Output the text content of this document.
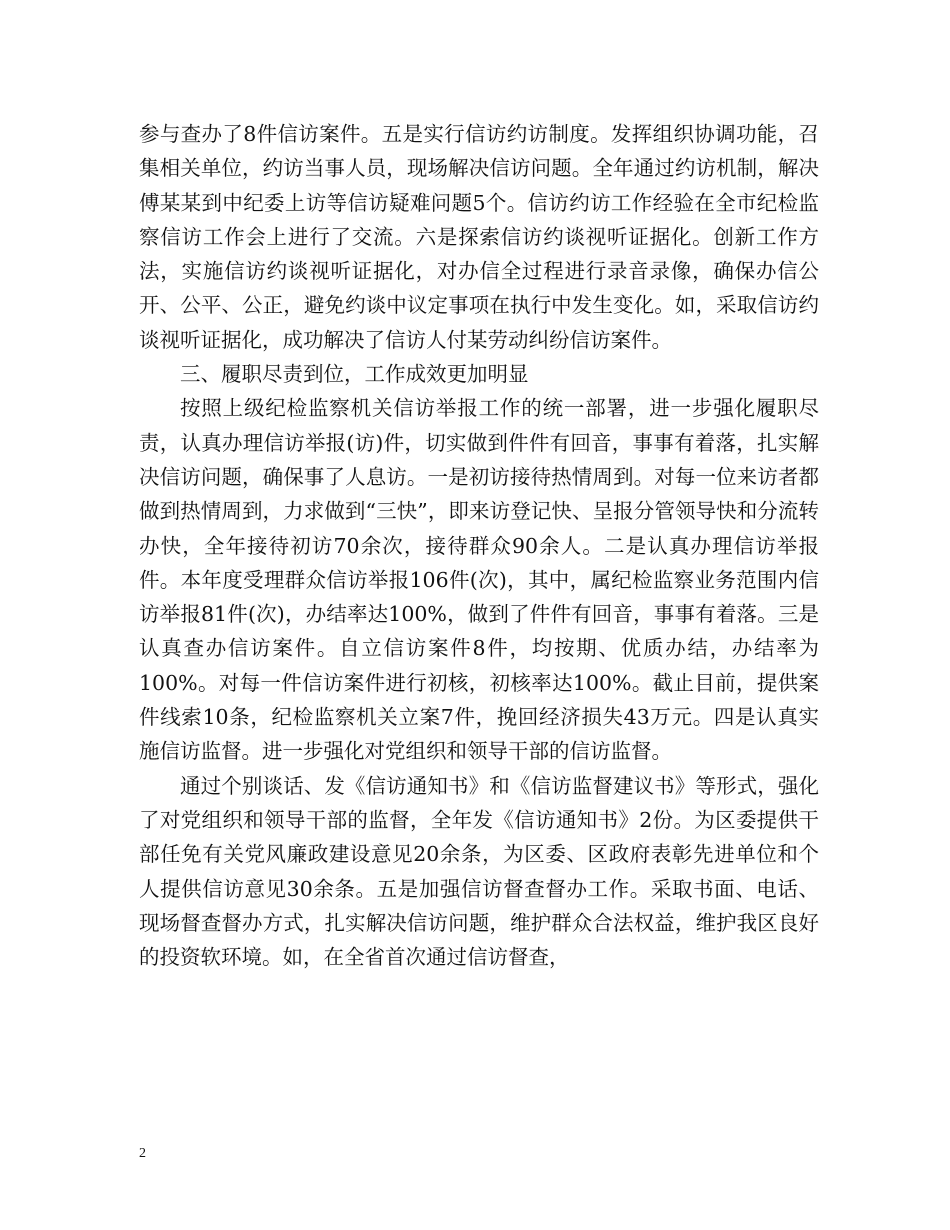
参与查办了8件信访案件。五是实行信访约访制度。发挥组织协调功能，召集相关单位，约访当事人员，现场解决信访问题。全年通过约访机制，解决傅某某到中纪委上访等信访疑难问题5个。信访约访工作经验在全市纪检监察信访工作会上进行了交流。六是探索信访约谈视听证据化。创新工作方法，实施信访约谈视听证据化，对办信全过程进行录音录像，确保办信公开、公平、公正，避免约谈中议定事项在执行中发生变化。如，采取信访约谈视听证据化，成功解决了信访人付某劳动纠纷信访案件。

三、履职尽责到位，工作成效更加明显

按照上级纪检监察机关信访举报工作的统一部署，进一步强化履职尽责，认真办理信访举报(访)件，切实做到件件有回音，事事有着落，扎实解决信访问题，确保事了人息访。一是初访接待热情周到。对每一位来访者都做到热情周到，力求做到“三快”，即来访登记快、呈报分管领导快和分流转办快，全年接待初访70余次，接待群众90余人。二是认真办理信访举报件。本年度受理群众信访举报106件(次)，其中，属纪检监察业务范围内信访举报81件(次)，办结率达100%，做到了件件有回音，事事有着落。三是认真查办信访案件。自立信访案件8件，均按期、优质办结，办结率为100%。对每一件信访案件进行初核，初核率达100%。截止目前，提供案件线索10条，纪检监察机关立案7件，挽回经济损失43万元。四是认真实施信访监督。进一步强化对党组织和领导干部的信访监督。

通过个别谈话、发《信访通知书》和《信访监督建议书》等形式，强化了对党组织和领导干部的监督，全年发《信访通知书》2份。为区委提供干部任免有关党风廉政建设意见20余条，为区委、区政府表彰先进单位和个人提供信访意见30余条。五是加强信访督查督办工作。采取书面、电话、现场督查督办方式，扎实解决信访问题，维护群众合法权益，维护我区良好的投资软环境。如，在全省首次通过信访督查，

2
